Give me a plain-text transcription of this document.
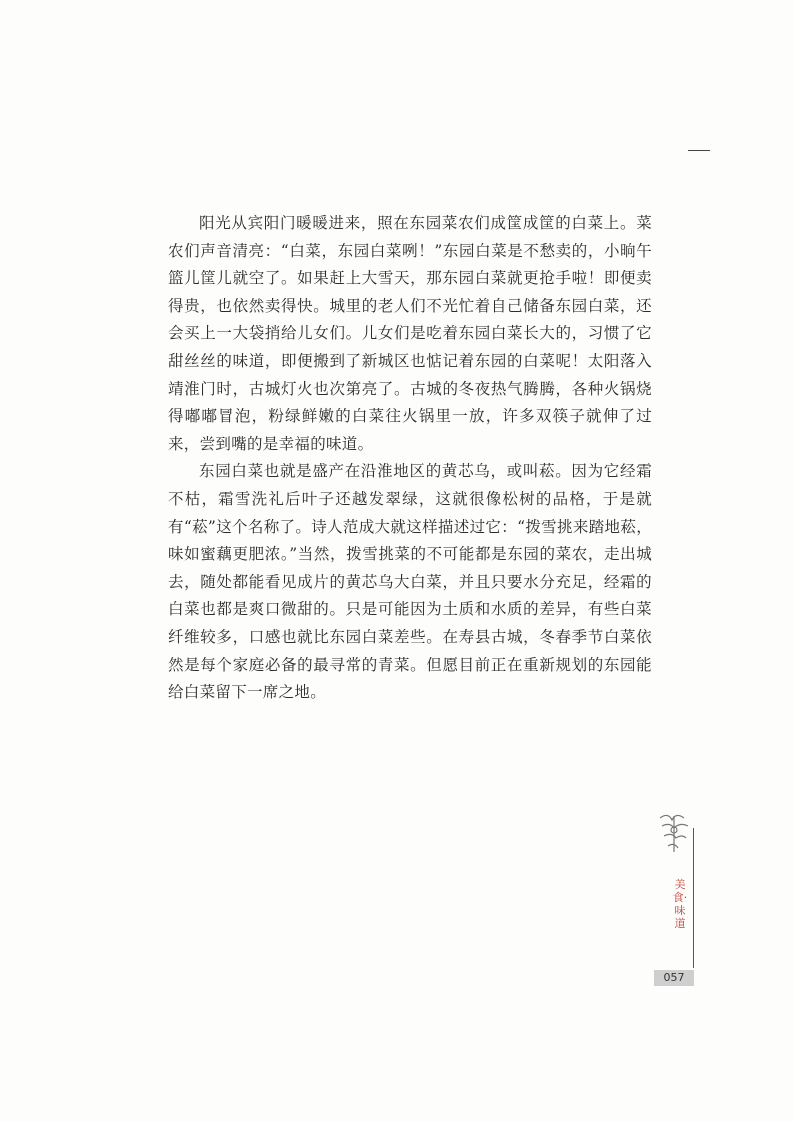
阳光从宾阳门暖暖进来，照在东园菜农们成筐成筐的白菜上。菜农们声音清亮：“白菜，东园白菜咧！”东园白菜是不愁卖的，小晌午篮儿筐儿就空了。如果赶上大雪天，那东园白菜就更抢手啦！即便卖得贵，也依然卖得快。城里的老人们不光忙着自己储备东园白菜，还会买上一大袋捎给儿女们。儿女们是吃着东园白菜长大的，习惯了它甜丝丝的味道，即便搬到了新城区也惦记着东园的白菜呢！太阳落入靖淮门时，古城灯火也次第亮了。古城的冬夜热气腾腾，各种火锅烧得嘟嘟冒泡，粉绿鲜嫩的白菜往火锅里一放，许多双筷子就伸了过来，尝到嘴的是幸福的味道。

东园白菜也就是盛产在沿淮地区的黄芯乌，或叫菘。因为它经霜不枯，霜雪洗礼后叶子还越发翠绿，这就很像松树的品格，于是就有“菘”这个名称了。诗人范成大就这样描述过它：“拨雪挑来踏地菘，味如蜜藕更肥浓。”当然，拨雪挑菜的不可能都是东园的菜农，走出城去，随处都能看见成片的黄芯乌大白菜，并且只要水分充足，经霜的白菜也都是爽口微甜的。只是可能因为土质和水质的差异，有些白菜纤维较多，口感也就比东园白菜差些。在寿县古城，冬春季节白菜依然是每个家庭必备的最寻常的青菜。但愿目前正在重新规划的东园能给白菜留下一席之地。

美食·味道
057
